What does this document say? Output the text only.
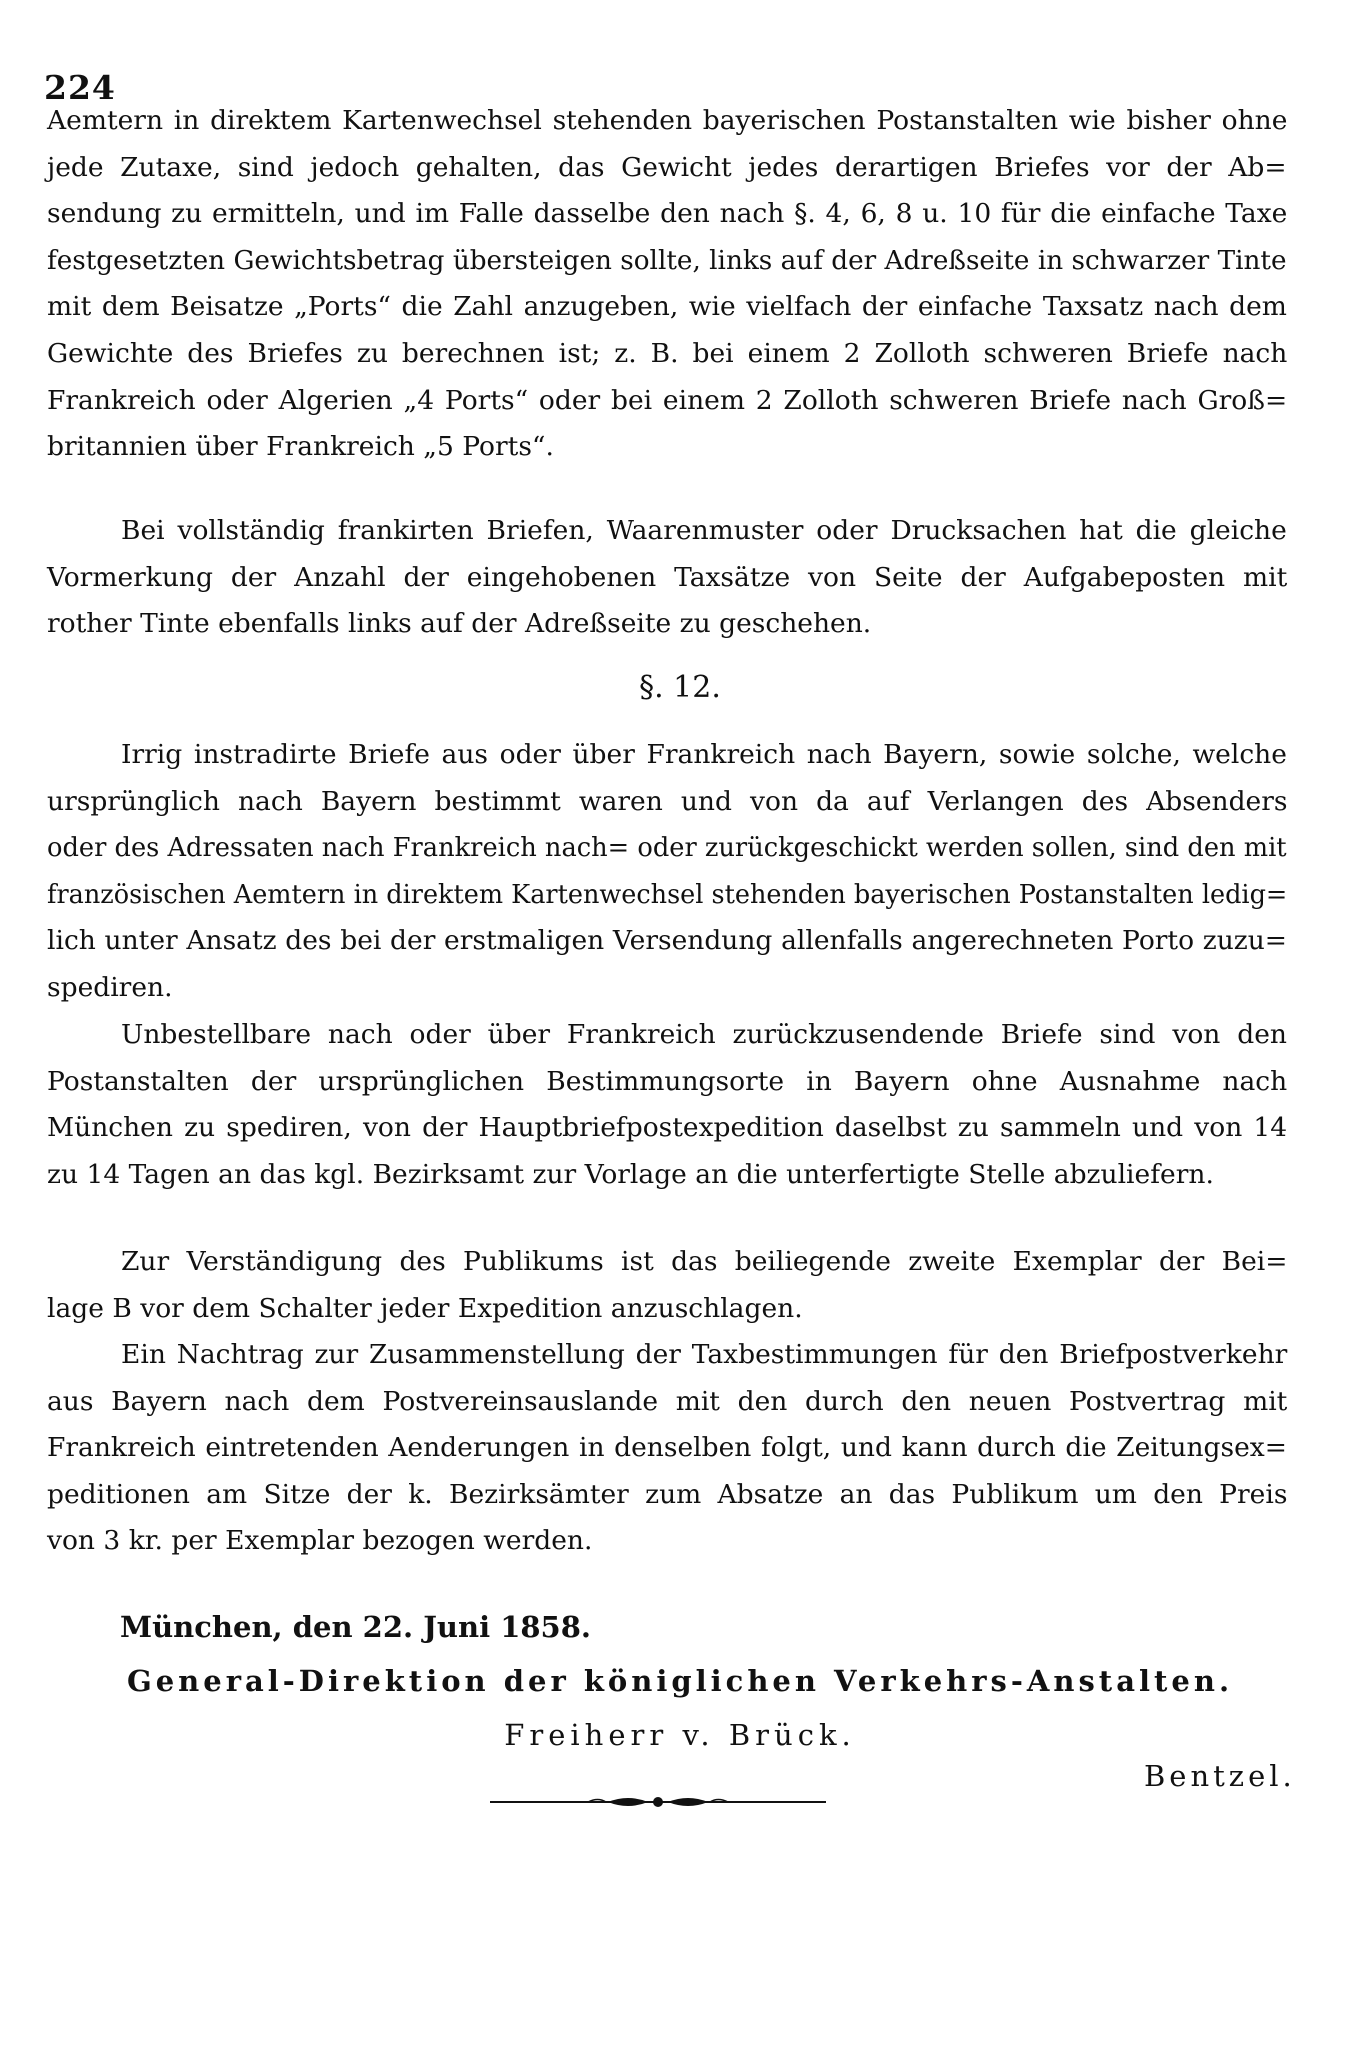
224
Aemtern in direktem Kartenwechsel stehenden bayerischen Postanstalten wie bisher ohne
jede Zutaxe, sind jedoch gehalten, das Gewicht jedes derartigen Briefes vor der Ab=
sendung zu ermitteln, und im Falle dasselbe den nach §. 4, 6, 8 u. 10 für die einfache Taxe
festgesetzten Gewichtsbetrag übersteigen sollte, links auf der Adreßseite in schwarzer Tinte
mit dem Beisatze „Ports“ die Zahl anzugeben, wie vielfach der einfache Taxsatz nach dem
Gewichte des Briefes zu berechnen ist; z. B. bei einem 2 Zolloth schweren Briefe nach
Frankreich oder Algerien „4 Ports“ oder bei einem 2 Zolloth schweren Briefe nach Groß=
britannien über Frankreich „5 Ports“.
Bei vollständig frankirten Briefen, Waarenmuster oder Drucksachen hat die gleiche
Vormerkung der Anzahl der eingehobenen Taxsätze von Seite der Aufgabeposten mit
rother Tinte ebenfalls links auf der Adreßseite zu geschehen.
§. 12.
Irrig instradirte Briefe aus oder über Frankreich nach Bayern, sowie solche, welche
ursprünglich nach Bayern bestimmt waren und von da auf Verlangen des Absenders
oder des Adressaten nach Frankreich nach= oder zurückgeschickt werden sollen, sind den mit
französischen Aemtern in direktem Kartenwechsel stehenden bayerischen Postanstalten ledig=
lich unter Ansatz des bei der erstmaligen Versendung allenfalls angerechneten Porto zuzu=
spediren.
Unbestellbare nach oder über Frankreich zurückzusendende Briefe sind von den
Postanstalten der ursprünglichen Bestimmungsorte in Bayern ohne Ausnahme nach
München zu spediren, von der Hauptbriefpostexpedition daselbst zu sammeln und von 14
zu 14 Tagen an das kgl. Bezirksamt zur Vorlage an die unterfertigte Stelle abzuliefern.
Zur Verständigung des Publikums ist das beiliegende zweite Exemplar der Bei=
lage B vor dem Schalter jeder Expedition anzuschlagen.
Ein Nachtrag zur Zusammenstellung der Taxbestimmungen für den Briefpostverkehr
aus Bayern nach dem Postvereinsauslande mit den durch den neuen Postvertrag mit
Frankreich eintretenden Aenderungen in denselben folgt, und kann durch die Zeitungsex=
peditionen am Sitze der k. Bezirksämter zum Absatze an das Publikum um den Preis
von 3 kr. per Exemplar bezogen werden.
München, den 22. Juni 1858.
General-Direktion der königlichen Verkehrs-Anstalten.
Freiherr v. Brück.
Bentzel.
